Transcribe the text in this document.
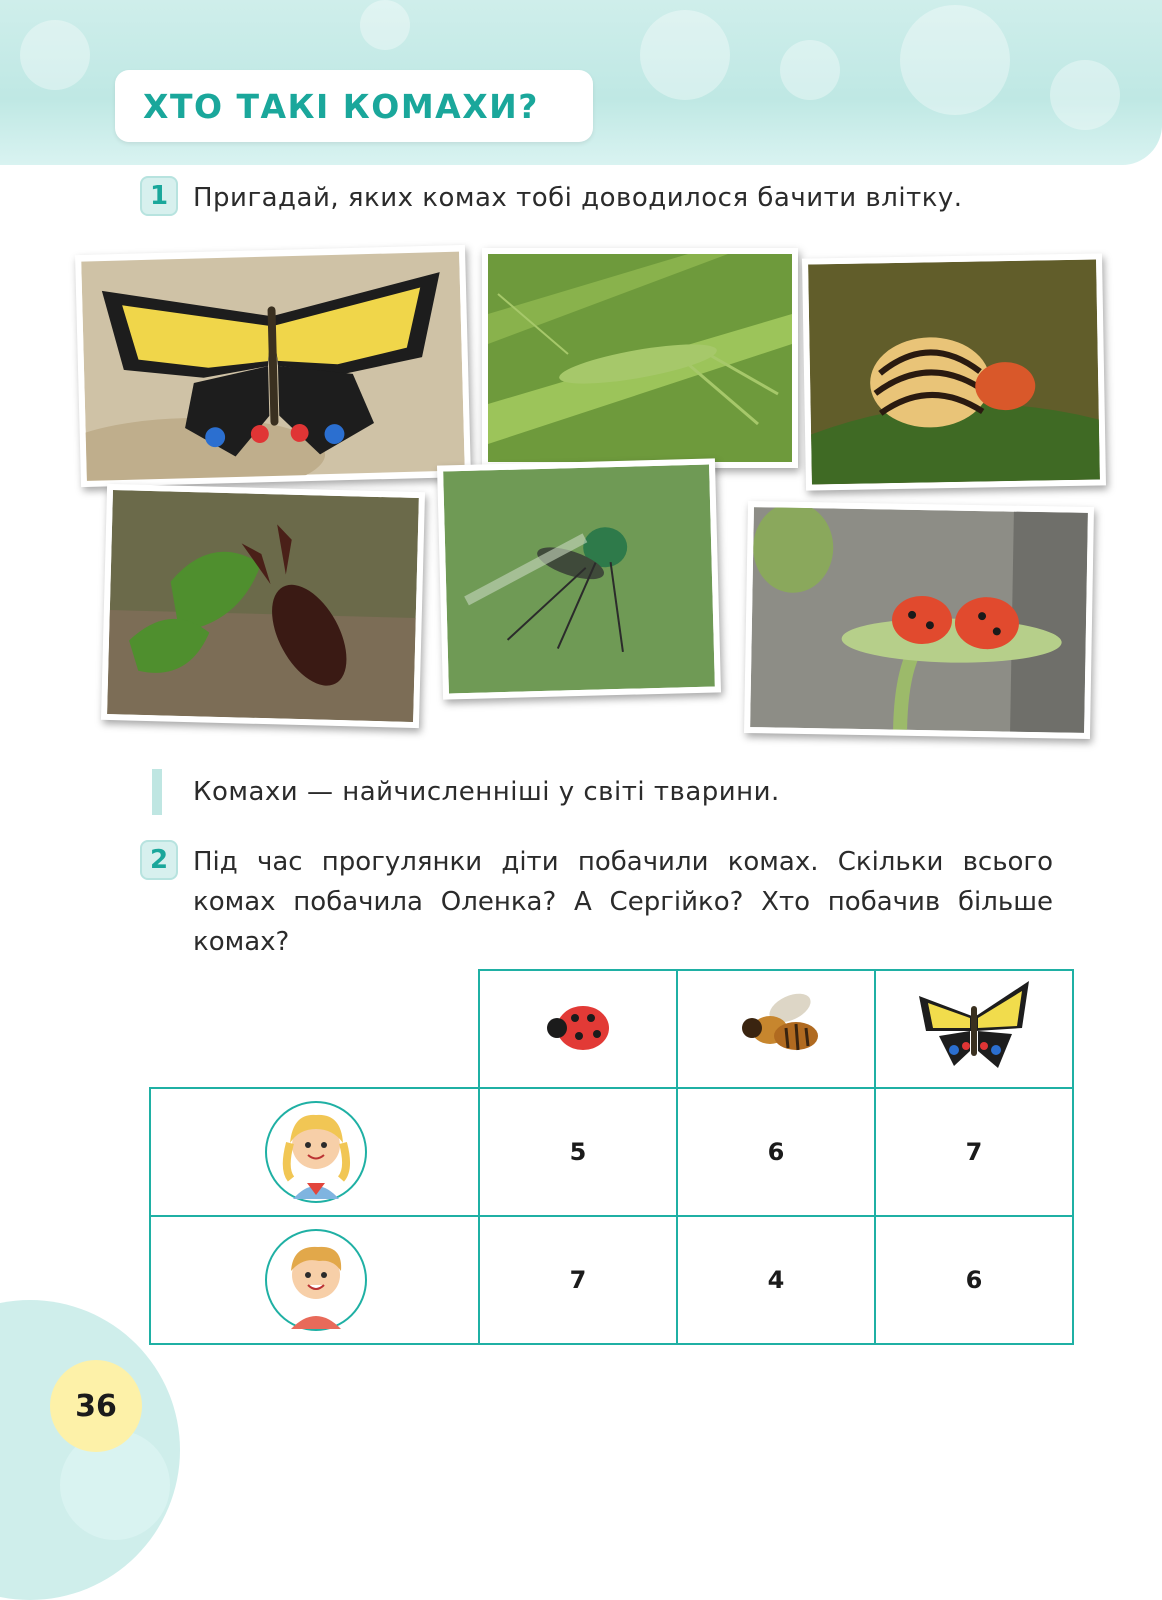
ХТО ТАКІ КОМАХИ?
1 Пригадай, яких комах тобі доводилося бачити влітку.
Комахи — найчисленніші у світі тварини.
2 Під час прогулянки діти побачили комах. Скільки всього
комах побачила Оленка? А Сергійко? Хто побачив більше
комах?

	5	6	7

	7	4	6
36
